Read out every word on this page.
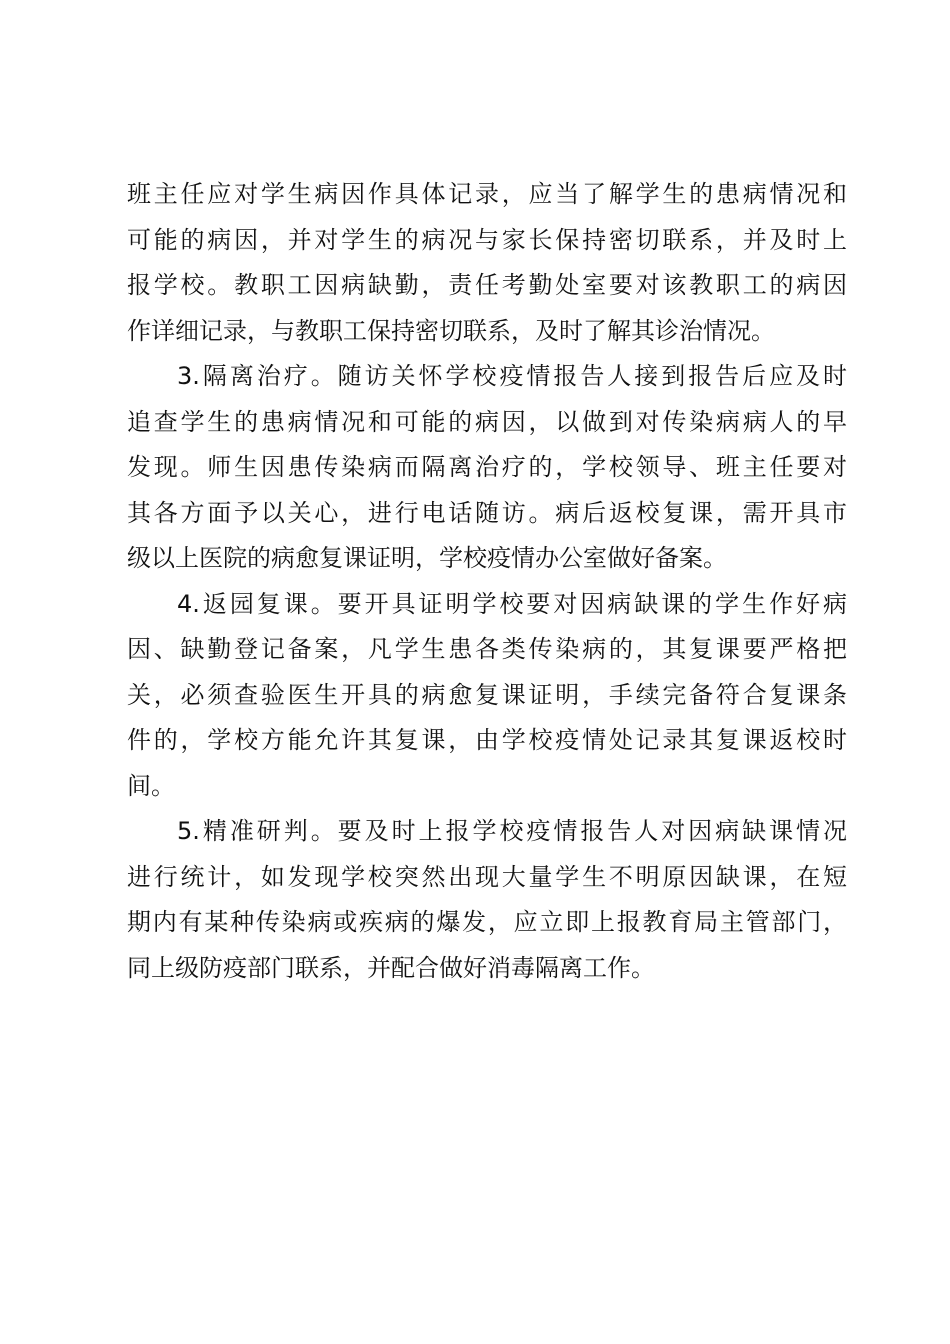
班主任应对学生病因作具体记录，应当了解学生的患病情况和
可能的病因，并对学生的病况与家长保持密切联系，并及时上
报学校。教职工因病缺勤，责任考勤处室要对该教职工的病因
作详细记录，与教职工保持密切联系，及时了解其诊治情况。
3.隔离治疗。随访关怀学校疫情报告人接到报告后应及时
追查学生的患病情况和可能的病因，以做到对传染病病人的早
发现。师生因患传染病而隔离治疗的，学校领导、班主任要对
其各方面予以关心，进行电话随访。病后返校复课，需开具市
级以上医院的病愈复课证明，学校疫情办公室做好备案。
4.返园复课。要开具证明学校要对因病缺课的学生作好病
因、缺勤登记备案，凡学生患各类传染病的，其复课要严格把
关，必须查验医生开具的病愈复课证明，手续完备符合复课条
件的，学校方能允许其复课，由学校疫情处记录其复课返校时
间。
5.精准研判。要及时上报学校疫情报告人对因病缺课情况
进行统计，如发现学校突然出现大量学生不明原因缺课，在短
期内有某种传染病或疾病的爆发，应立即上报教育局主管部门，
同上级防疫部门联系，并配合做好消毒隔离工作。
